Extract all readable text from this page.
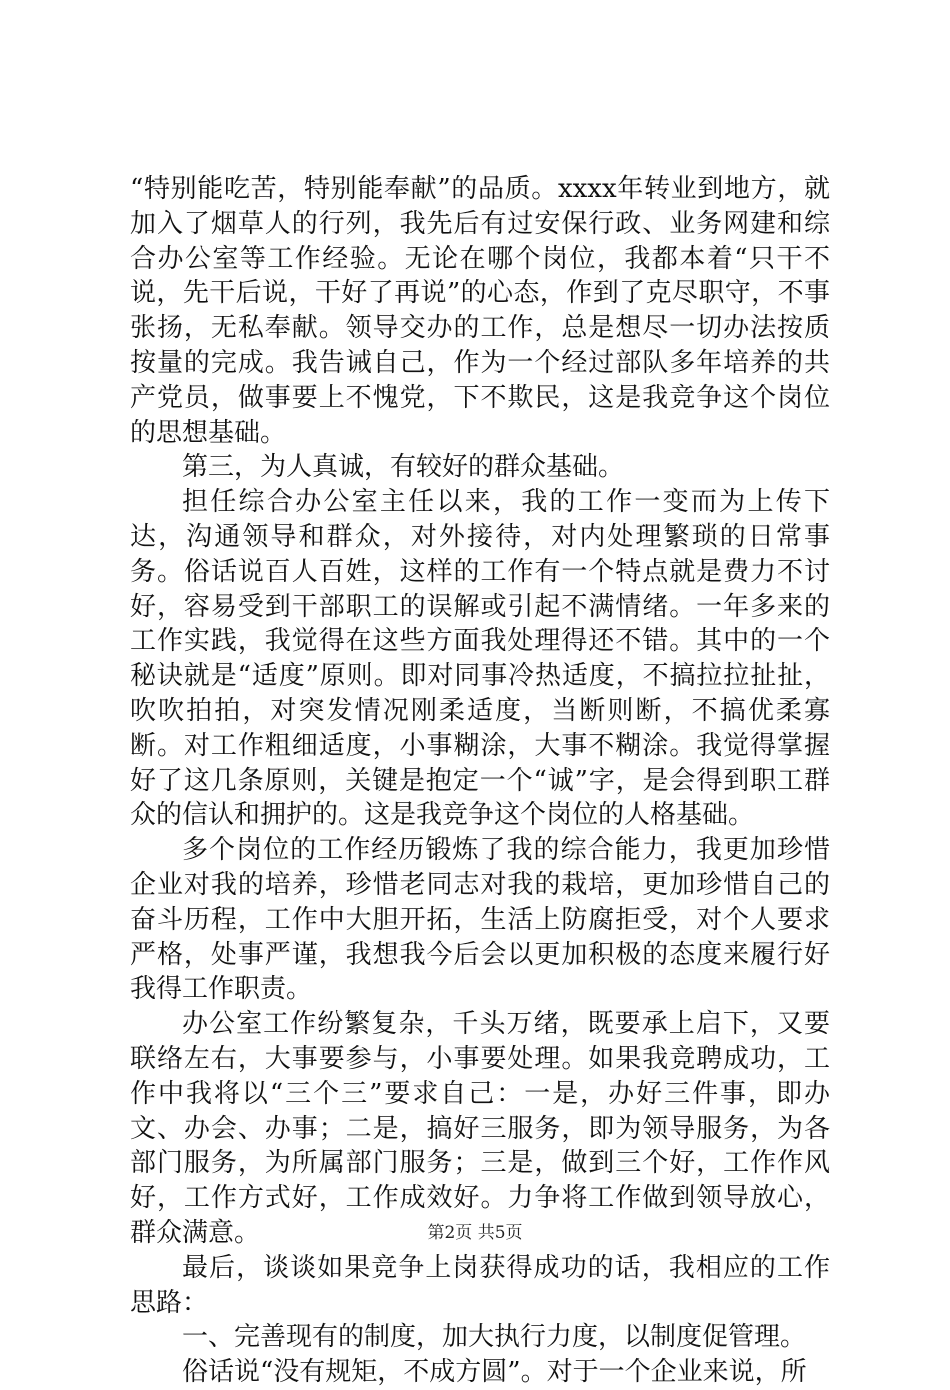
“特别能吃苦，特别能奉献”的品质。xxxx年转业到地方，就加入了烟草人的行列，我先后有过安保行政、业务网建和综合办公室等工作经验。无论在哪个岗位，我都本着“只干不说，先干后说，干好了再说”的心态，作到了克尽职守，不事张扬，无私奉献。领导交办的工作，总是想尽一切办法按质按量的完成。我告诫自己，作为一个经过部队多年培养的共产党员，做事要上不愧党，下不欺民，这是我竞争这个岗位的思想基础。

第三，为人真诚，有较好的群众基础。

担任综合办公室主任以来，我的工作一变而为上传下达，沟通领导和群众，对外接待，对内处理繁琐的日常事务。俗话说百人百姓，这样的工作有一个特点就是费力不讨好，容易受到干部职工的误解或引起不满情绪。一年多来的工作实践，我觉得在这些方面我处理得还不错。其中的一个秘诀就是“适度”原则。即对同事冷热适度，不搞拉拉扯扯，吹吹拍拍，对突发情况刚柔适度，当断则断，不搞优柔寡断。对工作粗细适度，小事糊涂，大事不糊涂。我觉得掌握好了这几条原则，关键是抱定一个“诚”字，是会得到职工群众的信认和拥护的。这是我竞争这个岗位的人格基础。

多个岗位的工作经历锻炼了我的综合能力，我更加珍惜企业对我的培养，珍惜老同志对我的栽培，更加珍惜自己的奋斗历程，工作中大胆开拓，生活上防腐拒受，对个人要求严格，处事严谨，我想我今后会以更加积极的态度来履行好我得工作职责。

办公室工作纷繁复杂，千头万绪，既要承上启下，又要联络左右，大事要参与，小事要处理。如果我竞聘成功，工作中我将以“三个三”要求自己：一是，办好三件事，即办文、办会、办事；二是，搞好三服务，即为领导服务，为各部门服务，为所属部门服务；三是，做到三个好，工作作风好，工作方式好，工作成效好。力争将工作做到领导放心，群众满意。

最后，谈谈如果竞争上岗获得成功的话，我相应的工作思路：

一、完善现有的制度，加大执行力度，以制度促管理。

俗话说“没有规矩，不成方圆”。对于一个企业来说，所

第2页 共5页
